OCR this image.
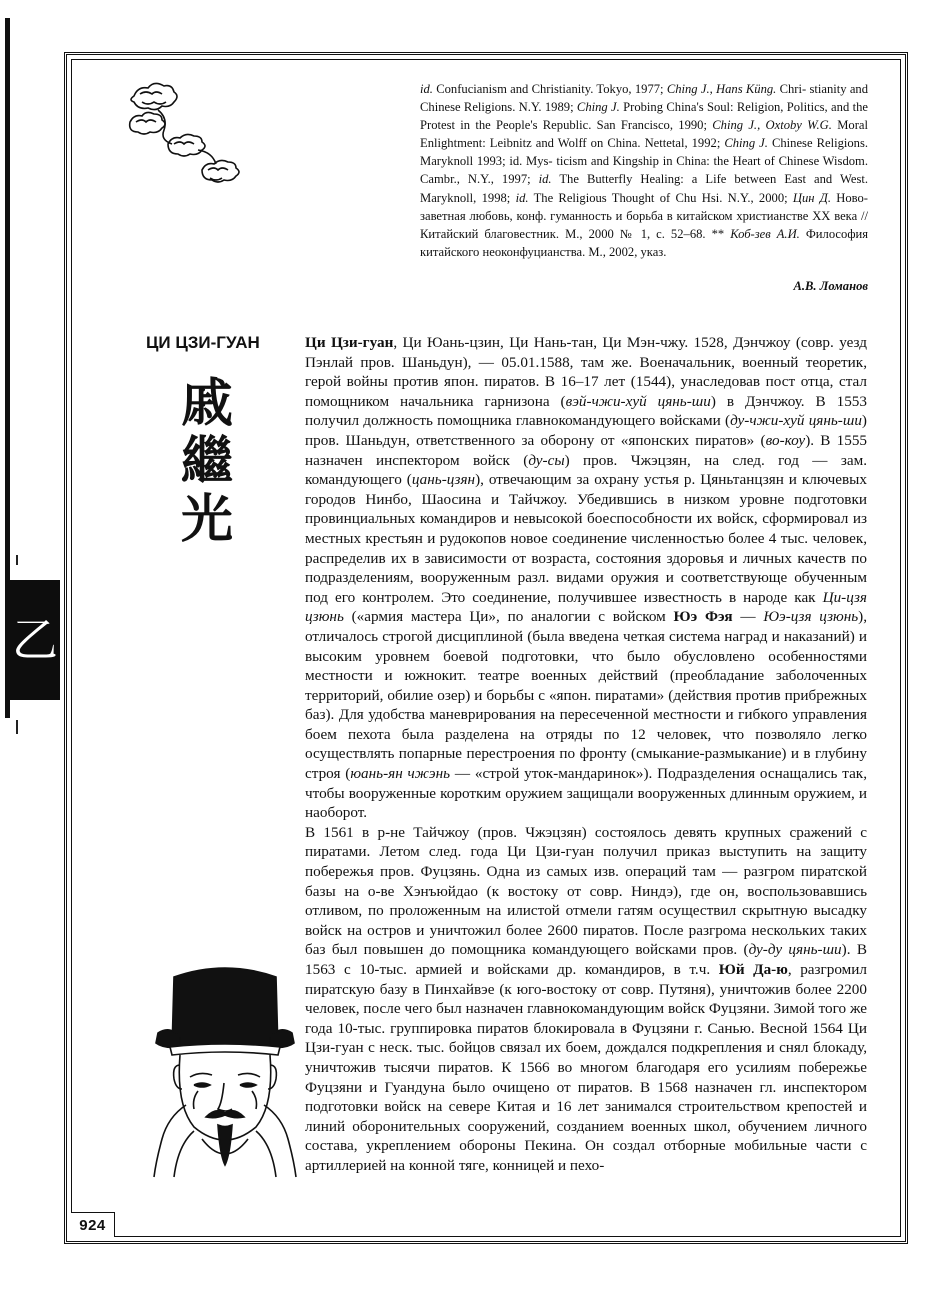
乙

id. Confucianism and Christianity. Tokyo, 1977; Ching J., Hans Küng. Chri- stianity and Chinese Religions. N.Y. 1989; Ching J. Probing China's Soul: Religion, Politics, and the Protest in the People's Republic. San Francisco, 1990; Ching J., Oxtoby W.G. Moral Enlightment: Leibnitz and Wolff on China. Nettetal, 1992; Ching J. Chinese Religions. Maryknoll 1993; id. Mys- ticism and Kingship in China: the Heart of Chinese Wisdom. Cambr., N.Y., 1997; id. The Butterfly Healing: a Life between East and West. Maryknoll, 1998; id. The Religious Thought of Chu Hsi. N.Y., 2000; Цин Д. Ново- заветная любовь, конф. гуманность и борьба в китайском христианстве XX века // Китайский благовестник. М., 2000 № 1, с. 52–68. ** Коб-зев А.И. Философия китайского неоконфуцианства. М., 2002, указ.

А.В. Ломанов
ЦИ ЦЗИ-ГУАН
戚
繼
光

Ци Цзи-гуан, Ци Юань-цзин, Ци Нань-тан, Ци Мэн-чжу. 1528, Дэнчжоу (совр. уезд Пэнлай пров. Шаньдун), — 05.01.1588, там же. Военачальник, военный теоретик, герой войны против япон. пиратов. В 16–17 лет (1544), унаследовав пост отца, стал помощником начальника гарнизона (вэй-чжи-хуй цянь-ши) в Дэнчжоу. В 1553 получил должность помощника главнокомандующего войсками (ду-чжи-хуй цянь-ши) пров. Шаньдун, ответственного за оборону от «японских пиратов» (во-коу). В 1555 назначен инспектором войск (ду-сы) пров. Чжэцзян, на след. год — зам. командующего (цань-цзян), отвечающим за охрану устья р. Цяньтанцзян и ключевых городов Нинбо, Шаосина и Тайчжоу. Убедившись в низком уровне подготовки провинциальных командиров и невысокой боеспособности их войск, сформировал из местных крестьян и рудокопов новое соединение численностью более 4 тыс. человек, распределив их в зависимости от возраста, состояния здоровья и личных качеств по подразделениям, вооруженным разл. видами оружия и соответствующе обученным под его контролем. Это соединение, получившее известность в народе как Ци-цзя цзюнь («армия мастера Ци», по аналогии с войском Юэ Фэя — Юэ-цзя цзюнь), отличалось строгой дисциплиной (была введена четкая система наград и наказаний) и высоким уровнем боевой подготовки, что было обусловлено особенностями местности и южнокит. театре военных действий (преобладание заболоченных территорий, обилие озер) и борьбы с «япон. пиратами» (действия против прибрежных баз). Для удобства маневрирования на пересеченной местности и гибкого управления боем пехота была разделена на отряды по 12 человек, что позволяло легко осуществлять попарные перестроения по фронту (смыкание-размыкание) и в глубину строя (юань-ян чжэнь — «строй уток-мандаринок»). Подразделения оснащались так, чтобы вооруженные коротким оружием защищали вооруженных длинным оружием, и наоборот.

В 1561 в р-не Тайчжоу (пров. Чжэцзян) состоялось девять крупных сражений с пиратами. Летом след. года Ци Цзи-гуан получил приказ выступить на защиту побережья пров. Фуцзянь. Одна из самых изв. операций там — разгром пиратской базы на о-ве Хэнъюйдао (к востоку от совр. Ниндэ), где он, воспользовавшись отливом, по проложенным на илистой отмели гатям осуществил скрытную высадку войск на остров и уничтожил более 2600 пиратов. После разгрома нескольких таких баз был повышен до помощника командующего войсками пров. (ду-ду цянь-ши). В 1563 с 10-тыс. армией и войсками др. командиров, в т.ч. Юй Да-ю, разгромил пиратскую базу в Пинхайвэе (к юго-востоку от совр. Путяня), уничтожив более 2200 человек, после чего был назначен главнокомандующим войск Фуцзяни. Зимой того же года 10-тыс. группировка пиратов блокировала в Фуцзяни г. Санью. Весной 1564 Ци Цзи-гуан с неск. тыс. бойцов связал их боем, дождался подкрепления и снял блокаду, уничтожив тысячи пиратов. К 1566 во многом благодаря его усилиям побережье Фуцзяни и Гуандуна было очищено от пиратов. В 1568 назначен гл. инспектором подготовки войск на севере Китая и 16 лет занимался строительством крепостей и линий оборонительных сооружений, созданием военных школ, обучением личного состава, укреплением обороны Пекина. Он создал отборные мобильные части с артиллерией на конной тяге, конницей и пехо-

924
